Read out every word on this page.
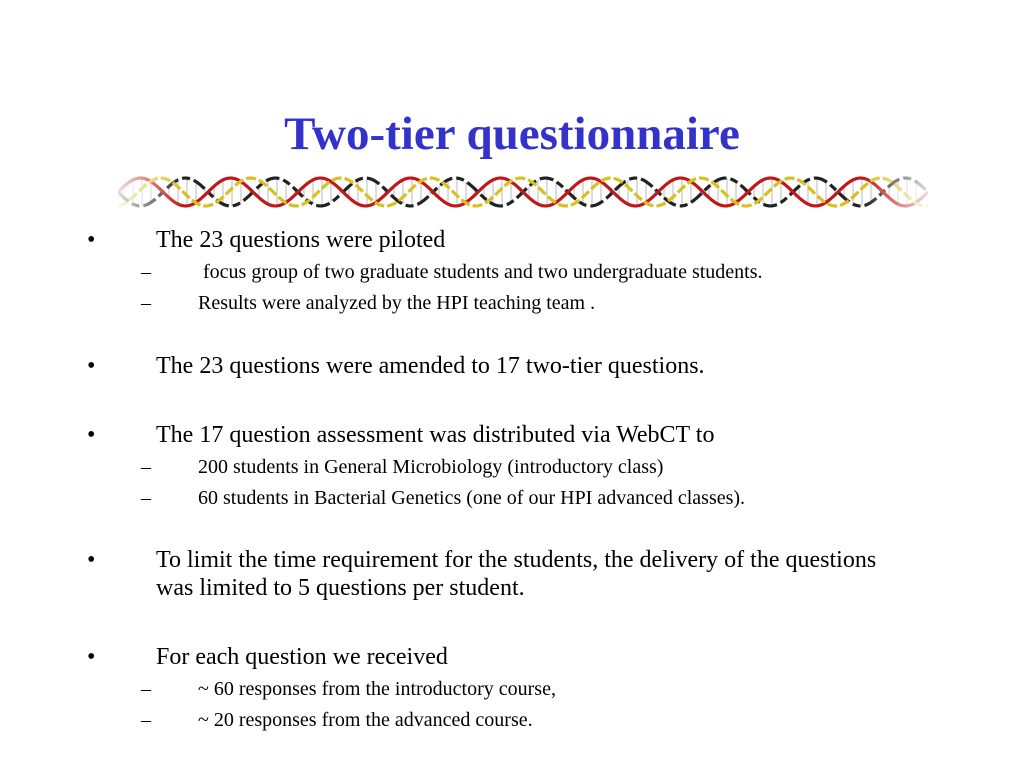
Two-tier questionnaire
•	The 23 questions were piloted
– focus group of two graduate students and two undergraduate students.
– Results were analyzed by the HPI teaching team .
•	The 23 questions were amended to 17 two-tier questions.
•	The 17 question assessment was distributed via WebCT to
– 200 students in General Microbiology (introductory class)
– 60 students in Bacterial Genetics (one of our HPI advanced classes).
•	To limit the time requirement for the students, the delivery of the questions was limited to 5 questions per student.
•	For each question we received
– ~ 60 responses from the introductory course,
– ~ 20 responses from the advanced course.
